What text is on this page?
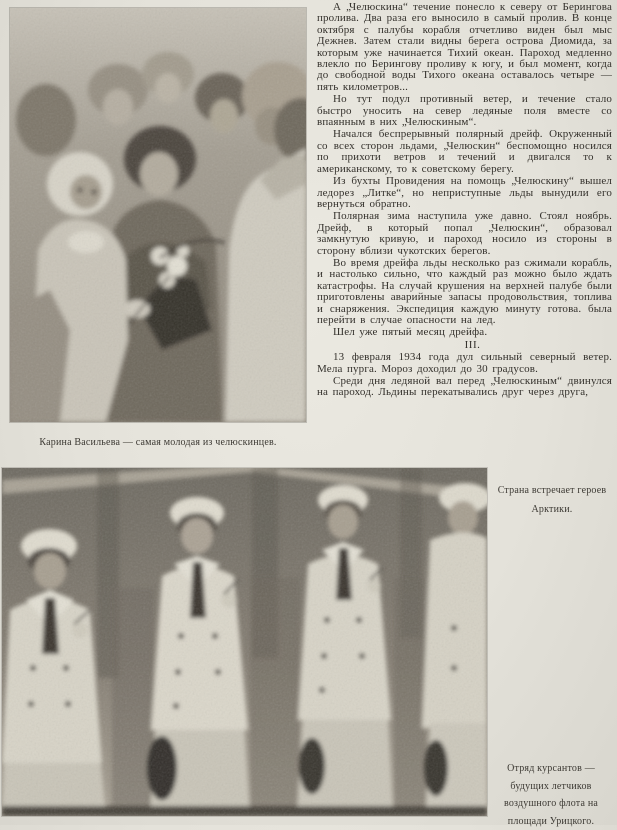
Карина Васильева — самая молодая из челюскинцев.

А „Челюскина“ течение понесло к северу от Берингова пролива. Два раза его выносило в самый пролив. В конце октября с палубы корабля отчетливо виден был мыс Дежнев. Затем стали видны берега острова Диомида, за которым уже начинается Тихий океан. Пароход медленно влекло по Берингову проливу к югу, и был момент, когда до свободной воды Тихого океана оставалось четыре — пять километров...

Но тут подул противный ветер, и течение стало быстро уносить на север ледяные поля вместе со впаянным в них „Челюскиным“.

Начался беспрерывный полярный дрейф. Окруженный со всех сторон льдами, „Челюскин“ беспомощно носился по прихоти ветров и течений и двигался то к американскому, то к советскому берегу.

Из бухты Провидения на помощь „Челюскину“ вышел ледорез „Литке“, но неприступные льды вынудили его вернуться обратно.

Полярная зима наступила уже давно. Стоял ноябрь. Дрейф, в который попал „Челюскин“, образовал замкнутую кривую, и пароход носило из стороны в сторону вблизи чукотских берегов.

Во время дрейфа льды несколько раз сжимали корабль, и настолько сильно, что каждый раз можно было ждать катастрофы. На случай крушения на верхней палубе были приготовлены аварийные запасы продовольствия, топлива и снаряжения. Экспедиция каждую минуту готова. была перейти в случае опасности на лед.

Шел уже пятый месяц дрейфа.

III.

13 февраля 1934 года дул сильный северный ветер. Мела пурга. Мороз доходил до 30 градусов.

Среди дня ледяной вал перед „Челюскиным“ двинулся на пароход. Льдины перекатывались друг через друга,

Страна встречает героев Арктики.
Отряд курсантов — будущих летчиков воздушного флота на площади Урицкого.
